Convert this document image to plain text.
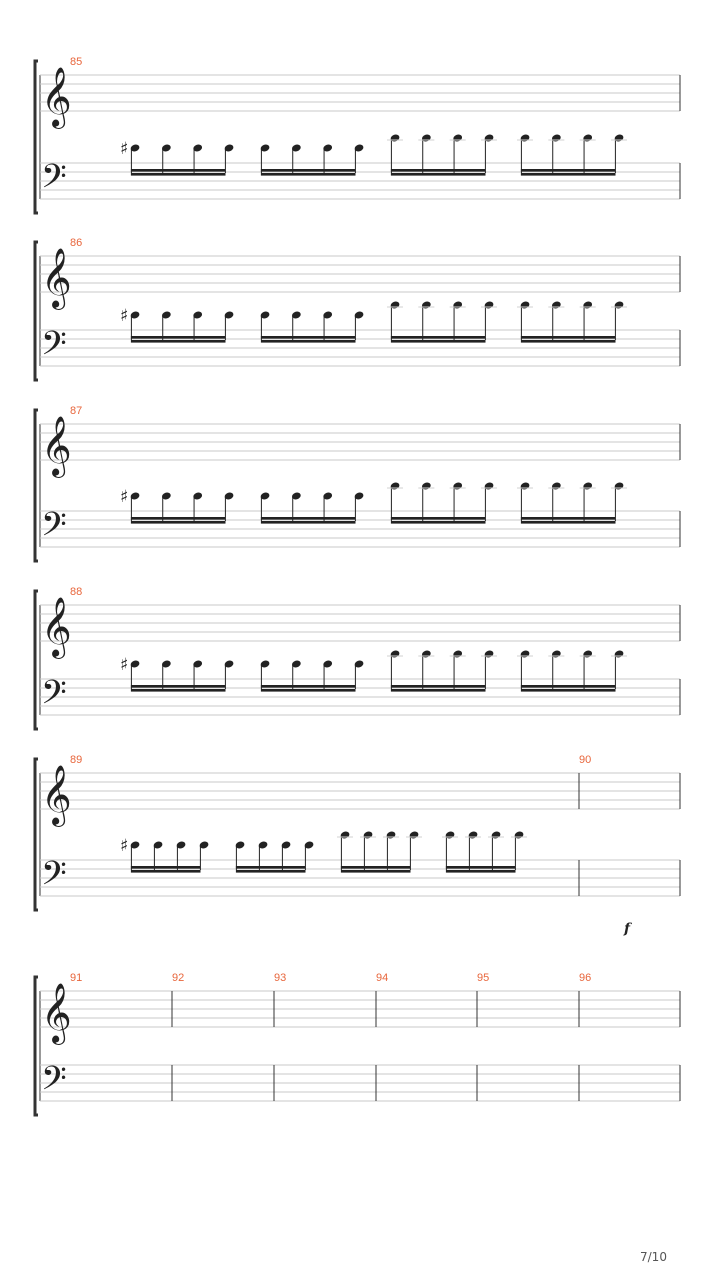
𝄞
𝄢
85
♯
𝄞
𝄢
86
♯
𝄞
𝄢
87
♯
𝄞
𝄢
88
♯
𝄞
𝄢
89	90
♯
𝄞
𝄢
91	92	93	94	95	96
f
7/10
